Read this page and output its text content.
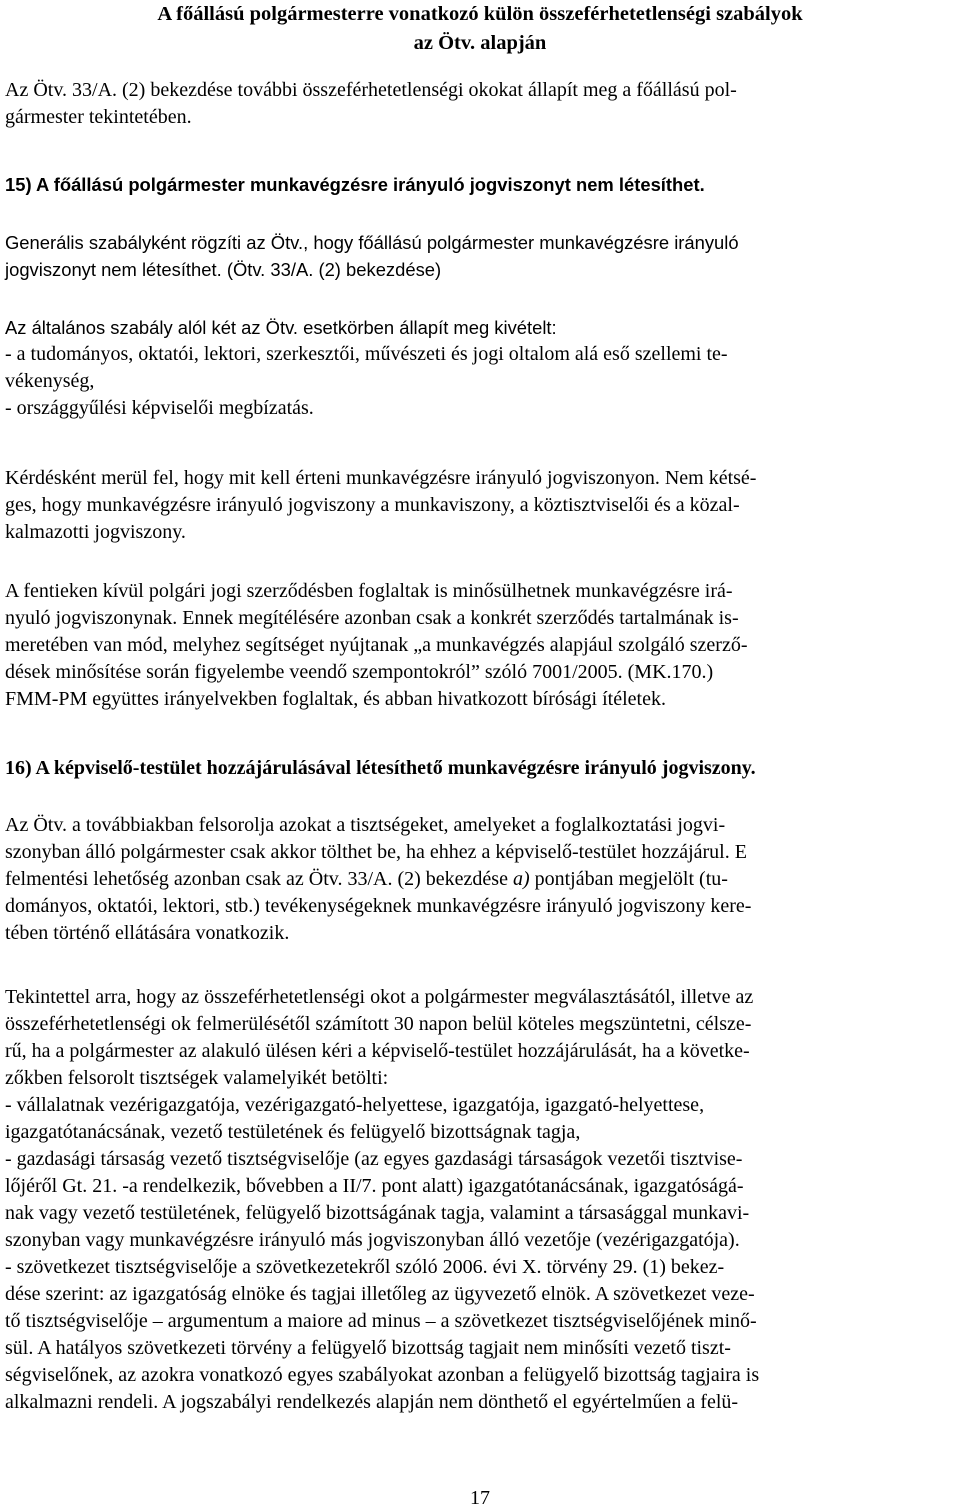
A főállású polgármesterre vonatkozó külön összeférhetetlenségi szabályok
az Ötv. alapján
Az Ötv. 33/A. (2) bekezdése további összeférhetetlenségi okokat állapít meg a főállású pol-
gármester tekintetében.
15) A főállású polgármester munkavégzésre irányuló jogviszonyt nem létesíthet.
Generális szabályként rögzíti az Ötv., hogy főállású polgármester munkavégzésre irányuló
jogviszonyt nem létesíthet. (Ötv. 33/A. (2) bekezdése)
Az általános szabály alól két az Ötv. esetkörben állapít meg kivételt:
- a tudományos, oktatói, lektori, szerkesztői, művészeti és jogi oltalom alá eső szellemi te-
vékenység,
- országgyűlési képviselői megbízatás.
Kérdésként merül fel, hogy mit kell érteni munkavégzésre irányuló jogviszonyon. Nem kétsé-
ges, hogy munkavégzésre irányuló jogviszony a munkaviszony, a köztisztviselői és a közal-
kalmazotti jogviszony.
A fentieken kívül polgári jogi szerződésben foglaltak is minősülhetnek munkavégzésre irá-
nyuló jogviszonynak. Ennek megítélésére azonban csak a konkrét szerződés tartalmának is-
meretében van mód, melyhez segítséget nyújtanak „a munkavégzés alapjául szolgáló szerző-
dések minősítése során figyelembe veendő szempontokról” szóló 7001/2005. (MK.170.)
FMM-PM együttes irányelvekben foglaltak, és abban hivatkozott bírósági ítéletek.
16) A képviselő-testület hozzájárulásával létesíthető munkavégzésre irányuló jogviszony.
Az Ötv. a továbbiakban felsorolja azokat a tisztségeket, amelyeket a foglalkoztatási jogvi-
szonyban álló polgármester csak akkor tölthet be, ha ehhez a képviselő-testület hozzájárul. E
felmentési lehetőség azonban csak az Ötv. 33/A. (2) bekezdése a) pontjában megjelölt (tu-
dományos, oktatói, lektori, stb.) tevékenységeknek munkavégzésre irányuló jogviszony kere-
tében történő ellátására vonatkozik.
Tekintettel arra, hogy az összeférhetetlenségi okot a polgármester megválasztásától, illetve az
összeférhetetlenségi ok felmerülésétől számított 30 napon belül köteles megszüntetni, célsze-
rű, ha a polgármester az alakuló ülésen kéri a képviselő-testület hozzájárulását, ha a követke-
zőkben felsorolt tisztségek valamelyikét betölti:
- vállalatnak vezérigazgatója, vezérigazgató-helyettese, igazgatója, igazgató-helyettese,
igazgatótanácsának, vezető testületének és felügyelő bizottságnak tagja,
- gazdasági társaság vezető tisztségviselője (az egyes gazdasági társaságok vezetői tisztvise-
lőjéről Gt. 21. -a rendelkezik, bővebben a II/7. pont alatt) igazgatótanácsának, igazgatóságá-
nak vagy vezető testületének, felügyelő bizottságának tagja, valamint a társasággal munkavi-
szonyban vagy munkavégzésre irányuló más jogviszonyban álló vezetője (vezérigazgatója).
- szövetkezet tisztségviselője a szövetkezetekről szóló 2006. évi X. törvény 29. (1) bekez-
dése szerint: az igazgatóság elnöke és tagjai illetőleg az ügyvezető elnök. A szövetkezet veze-
tő tisztségviselője – argumentum a maiore ad minus – a szövetkezet tisztségviselőjének minő-
sül. A hatályos szövetkezeti törvény a felügyelő bizottság tagjait nem minősíti vezető tiszt-
ségviselőnek, az azokra vonatkozó egyes szabályokat azonban a felügyelő bizottság tagjaira is
alkalmazni rendeli. A jogszabályi rendelkezés alapján nem dönthető el egyértelműen a felü-
17
